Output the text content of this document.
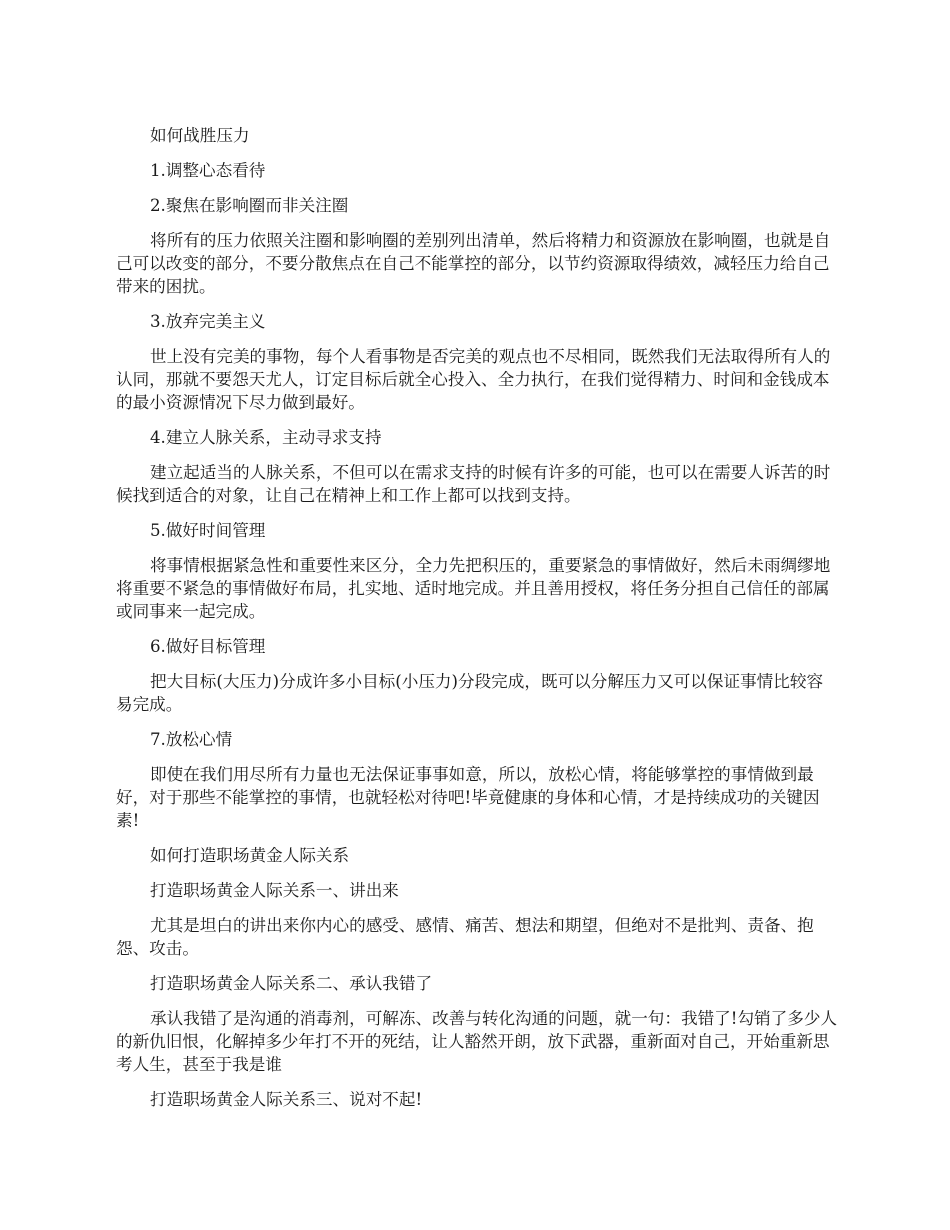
如何战胜压力

1.调整心态看待

2.聚焦在影响圈而非关注圈

将所有的压力依照关注圈和影响圈的差别列出清单，然后将精力和资源放在影响圈，也就是自己可以改变的部分，不要分散焦点在自己不能掌控的部分，以节约资源取得绩效，减轻压力给自己带来的困扰。

3.放弃完美主义

世上没有完美的事物，每个人看事物是否完美的观点也不尽相同，既然我们无法取得所有人的认同，那就不要怨天尤人，订定目标后就全心投入、全力执行，在我们觉得精力、时间和金钱成本的最小资源情况下尽力做到最好。

4.建立人脉关系，主动寻求支持

建立起适当的人脉关系，不但可以在需求支持的时候有许多的可能，也可以在需要人诉苦的时候找到适合的对象，让自己在精神上和工作上都可以找到支持。

5.做好时间管理

将事情根据紧急性和重要性来区分，全力先把积压的，重要紧急的事情做好，然后未雨绸缪地将重要不紧急的事情做好布局，扎实地、适时地完成。并且善用授权，将任务分担自己信任的部属或同事来一起完成。

6.做好目标管理

把大目标(大压力)分成许多小目标(小压力)分段完成，既可以分解压力又可以保证事情比较容易完成。

7.放松心情

即使在我们用尽所有力量也无法保证事事如意，所以，放松心情，将能够掌控的事情做到最好，对于那些不能掌控的事情，也就轻松对待吧!毕竟健康的身体和心情，才是持续成功的关键因素!

如何打造职场黄金人际关系

打造职场黄金人际关系一、讲出来

尤其是坦白的讲出来你内心的感受、感情、痛苦、想法和期望，但绝对不是批判、责备、抱怨、攻击。

打造职场黄金人际关系二、承认我错了

承认我错了是沟通的消毒剂，可解冻、改善与转化沟通的问题，就一句：我错了!勾销了多少人的新仇旧恨，化解掉多少年打不开的死结，让人豁然开朗，放下武器，重新面对自己，开始重新思考人生，甚至于我是谁

打造职场黄金人际关系三、说对不起!
